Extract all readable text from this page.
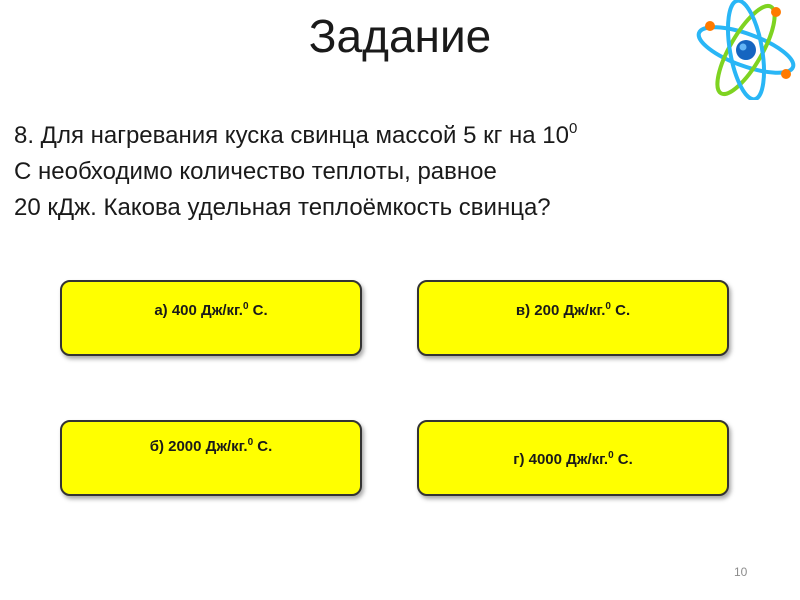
Задание
8. Для нагревания куска свинца массой 5 кг на $10^0$
С необходимо количество теплоты, равное
20 кДж. Какова удельная теплоёмкость свинца?
а) 400 Дж/кг.$^0$ С.	в) 200 Дж/кг.$^0$ С.
б) 2000 Дж/кг.$^0$ С.
г) 4000 Дж/кг.$^0$ С.
10
